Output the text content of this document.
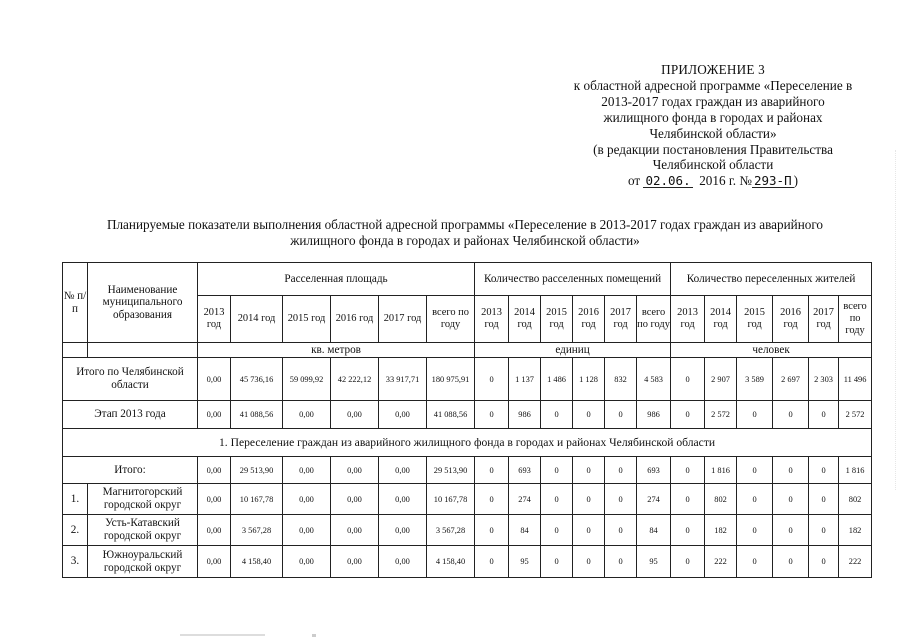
ПРИЛОЖЕНИЕ 3
к областной адресной программе «Переселение в
2013-2017 годах граждан из аварийного
жилищного фонда в городах и районах
Челябинской области»
(в редакции постановления Правительства
Челябинской области
от 02.06. 2016 г. № 293-П )
Планируемые показатели выполнения областной адресной программы «Переселение в 2013-2017 годах граждан из аварийного
жилищного фонда в городах и районах Челябинской области»
№ п/п	Наименование муниципального образования	Расселенная площадь						Количество расселенных помещений						Количество переселенных жителей					
		2013 год	2014 год	2015 год	2016 год	2017 год	всего по году	2013 год	2014 год	2015 год	2016 год	2017 год	всего по году	2013 год	2014 год	2015 год	2016 год	2017 год	всего по году
		кв. метров						единиц						человек					
Итого по Челябинской области		0,00	45 736,16	59 099,92	42 222,12	33 917,71	180 975,91	0	1 137	1 486	1 128	832	4 583	0	2 907	3 589	2 697	2 303	11 496
Этап 2013 года		0,00	41 088,56	0,00	0,00	0,00	41 088,56	0	986	0	0	0	986	0	2 572	0	0	0	2 572
1. Переселение граждан из аварийного жилищного фонда в городах и районах Челябинской области																			
Итого:		0,00	29 513,90	0,00	0,00	0,00	29 513,90	0	693	0	0	0	693	0	1 816	0	0	0	1 816
1.	Магнитогорский городской округ	0,00	10 167,78	0,00	0,00	0,00	10 167,78	0	274	0	0	0	274	0	802	0	0	0	802
2.	Усть-Катавский городской округ	0,00	3 567,28	0,00	0,00	0,00	3 567,28	0	84	0	0	0	84	0	182	0	0	0	182
3.	Южноуральский городской округ	0,00	4 158,40	0,00	0,00	0,00	4 158,40	0	95	0	0	0	95	0	222	0	0	0	222
